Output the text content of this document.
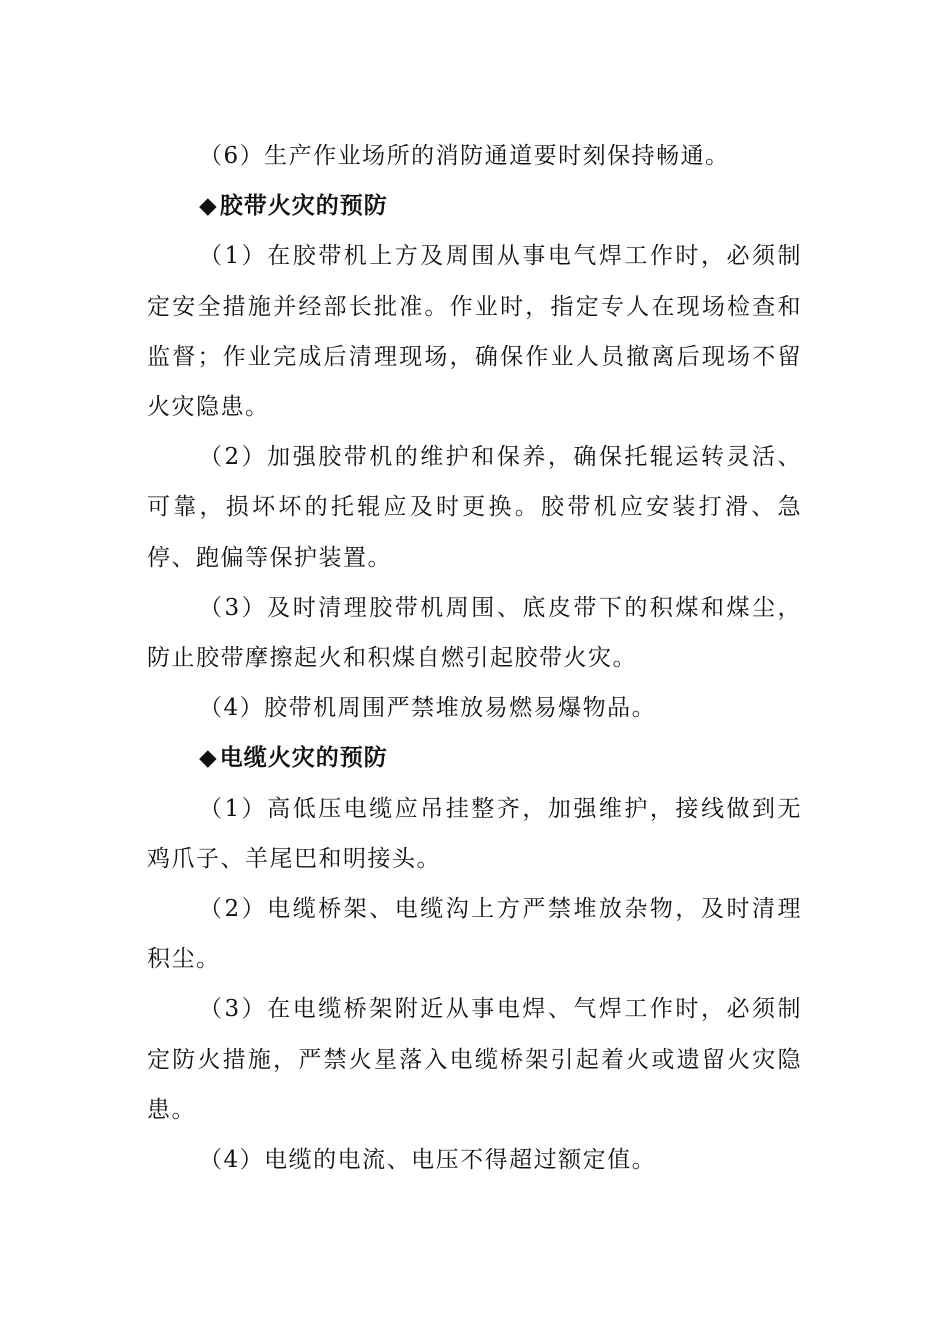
（6）生产作业场所的消防通道要时刻保持畅通。

◆胶带火灾的预防

（1）在胶带机上方及周围从事电气焊工作时，必须制定安全措施并经部长批准。作业时，指定专人在现场检查和监督；作业完成后清理现场，确保作业人员撤离后现场不留火灾隐患。

（2）加强胶带机的维护和保养，确保托辊运转灵活、可靠，损坏坏的托辊应及时更换。胶带机应安装打滑、急停、跑偏等保护装置。

（3）及时清理胶带机周围、底皮带下的积煤和煤尘，防止胶带摩擦起火和积煤自燃引起胶带火灾。

（4）胶带机周围严禁堆放易燃易爆物品。

◆电缆火灾的预防

（1）高低压电缆应吊挂整齐，加强维护，接线做到无鸡爪子、羊尾巴和明接头。

（2）电缆桥架、电缆沟上方严禁堆放杂物，及时清理积尘。

（3）在电缆桥架附近从事电焊、气焊工作时，必须制定防火措施，严禁火星落入电缆桥架引起着火或遗留火灾隐患。

（4）电缆的电流、电压不得超过额定值。
